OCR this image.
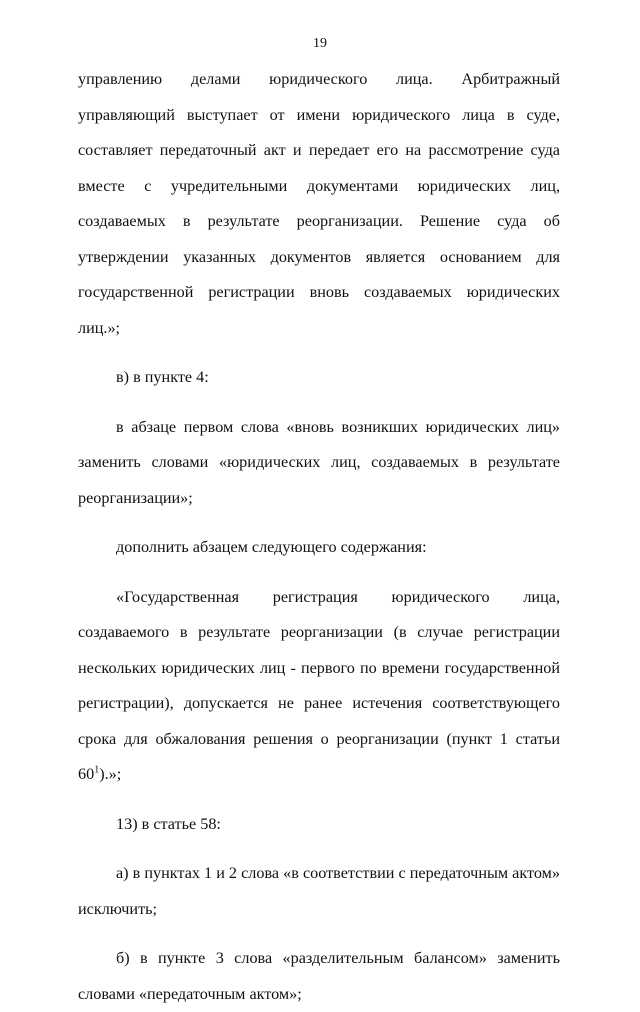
19

управлению делами юридического лица. Арбитражный управляющий выступает от имени юридического лица в суде, составляет передаточный акт и передает его на рассмотрение суда вместе с учредительными документами юридических лиц, создаваемых в результате реорганизации. Решение суда об утверждении указанных документов является основанием для государственной регистрации вновь создаваемых юридических лиц.»;

в) в пункте 4:

в абзаце первом слова «вновь возникших юридических лиц» заменить словами «юридических лиц, создаваемых в результате реорганизации»;

дополнить абзацем следующего содержания:

«Государственная регистрация юридического лица, создаваемого в результате реорганизации (в случае регистрации нескольких юридических лиц - первого по времени государственной регистрации), допускается не ранее истечения соответствующего срока для обжалования решения о реорганизации (пункт 1 статьи $60^1$).»;

13) в статье 58:

а) в пунктах 1 и 2 слова «в соответствии с передаточным актом» исключить;

б) в пункте 3 слова «разделительным балансом» заменить словами «передаточным актом»;
